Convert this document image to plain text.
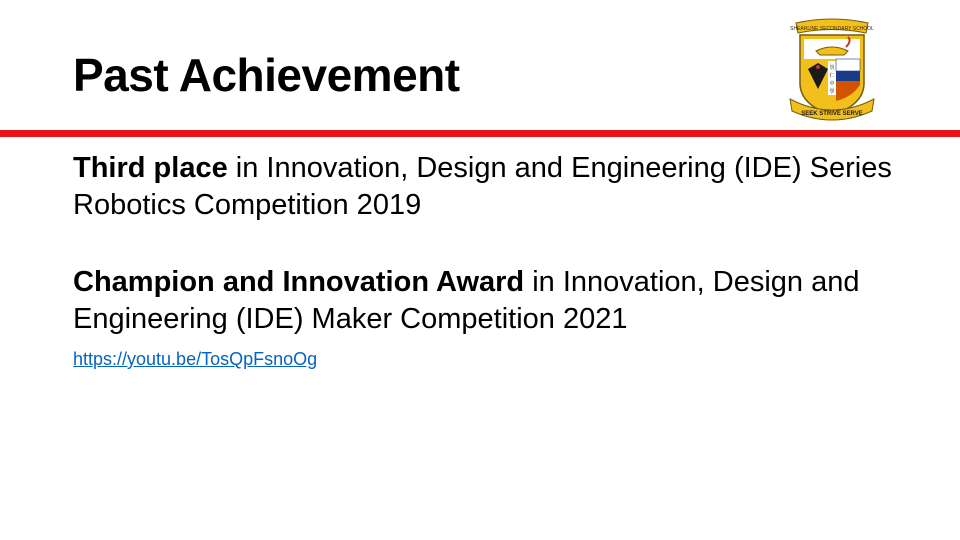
Past Achievement
SHEARLINE SECONDARY SCHOOL
崇
仁
中
學
SEEK STRIVE SERVE

Third place in Innovation, Design and Engineering (IDE) Series Robotics Competition 2019

Champion and Innovation Award in Innovation, Design and Engineering (IDE) Maker Competition 2021

https://youtu.be/TosQpFsnoOg
